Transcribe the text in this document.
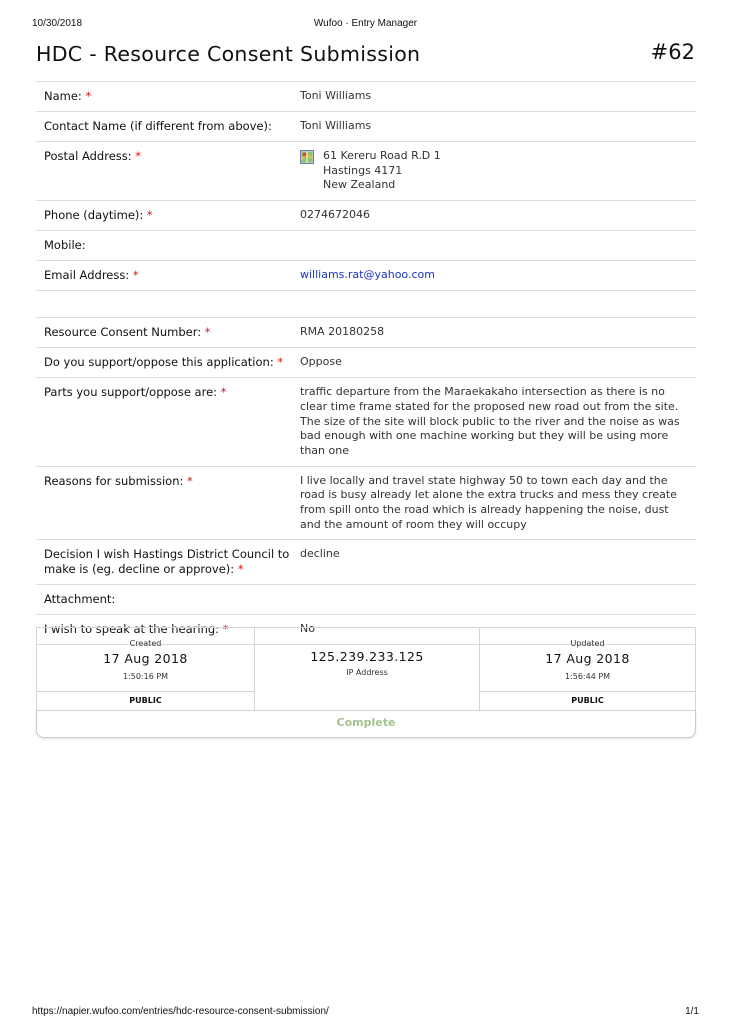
10/30/2018	Wufoo · Entry Manager
HDC - Resource Consent Submission	#62
Name: *	Toni Williams
Contact Name (if different from above):	Toni Williams
Postal Address: *	61 Kereru Road R.D 1
Hastings 4171
New Zealand
Phone (daytime): *	0274672046
Mobile:
Email Address: *	williams.rat@yahoo.com
Resource Consent Number: *	RMA 20180258
Do you support/oppose this application: *	Oppose
Parts you support/oppose are: *	traffic departure from the Maraekakaho intersection as there is no clear time frame stated for the proposed new road out from the site. The size of the site will block public to the river and the noise as was bad enough with one machine working but they will be using more than one
Reasons for submission: *	I live locally and travel state highway 50 to town each day and the road is busy already let alone the extra trucks and mess they create from spill onto the road which is already happening the noise, dust and the amount of room they will occupy
Decision I wish Hastings District Council to make is (eg. decline or approve): *
decline
Attachment:
I wish to speak at the hearing: *	No
Created
17 Aug 2018
1:50:16 PM
PUBLIC
125.239.233.125
IP Address
Updated
17 Aug 2018
1:56:44 PM
PUBLIC
Complete
https://napier.wufoo.com/entries/hdc-resource-consent-submission/	1/1
